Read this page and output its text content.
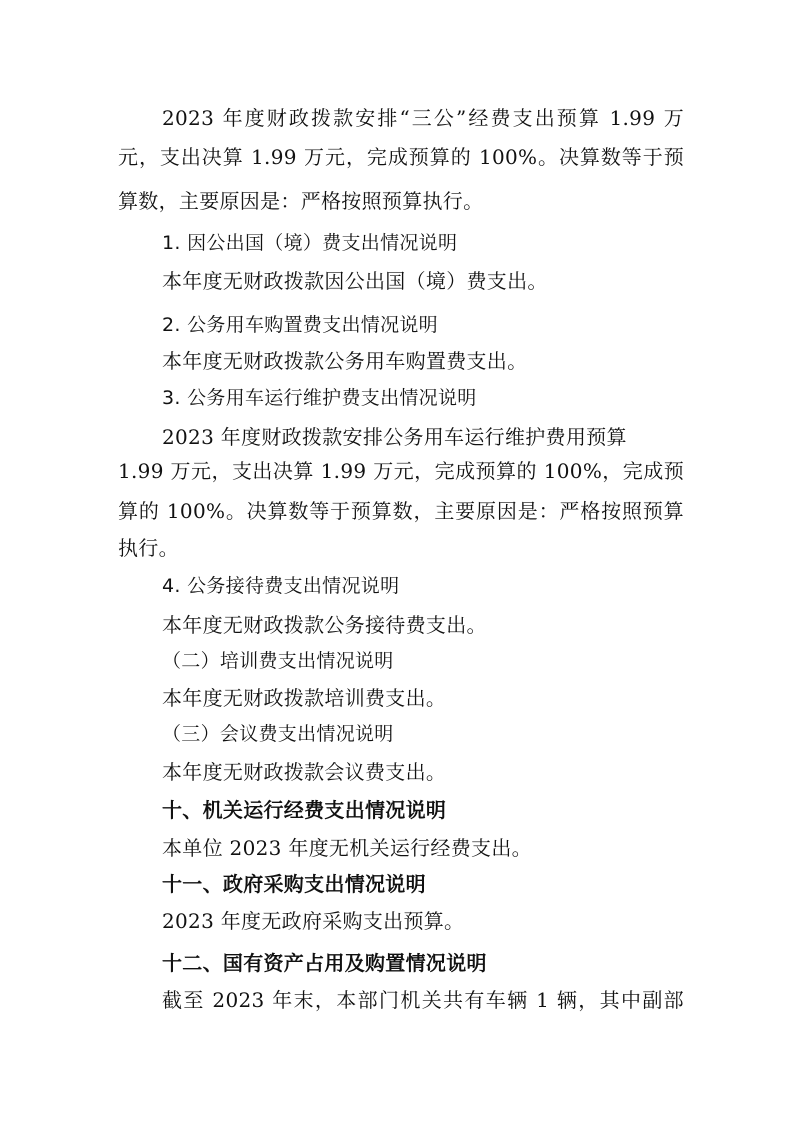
2023 年度财政拨款安排“三公”经费支出预算 1.99 万
元，支出决算 1.99 万元，完成预算的 100%。决算数等于预
算数，主要原因是：严格按照预算执行。
1. 因公出国（境）费支出情况说明
本年度无财政拨款因公出国（境）费支出。
2. 公务用车购置费支出情况说明
本年度无财政拨款公务用车购置费支出。
3. 公务用车运行维护费支出情况说明
2023 年度财政拨款安排公务用车运行维护费用预算
1.99 万元，支出决算 1.99 万元，完成预算的 100%，完成预
算的 100%。决算数等于预算数，主要原因是：严格按照预算
执行。
4. 公务接待费支出情况说明
本年度无财政拨款公务接待费支出。
（二）培训费支出情况说明
本年度无财政拨款培训费支出。
（三）会议费支出情况说明
本年度无财政拨款会议费支出。
十、机关运行经费支出情况说明
本单位 2023 年度无机关运行经费支出。
十一、政府采购支出情况说明
2023 年度无政府采购支出预算。
十二、国有资产占用及购置情况说明
截至 2023 年末，本部门机关共有车辆 1 辆，其中副部
